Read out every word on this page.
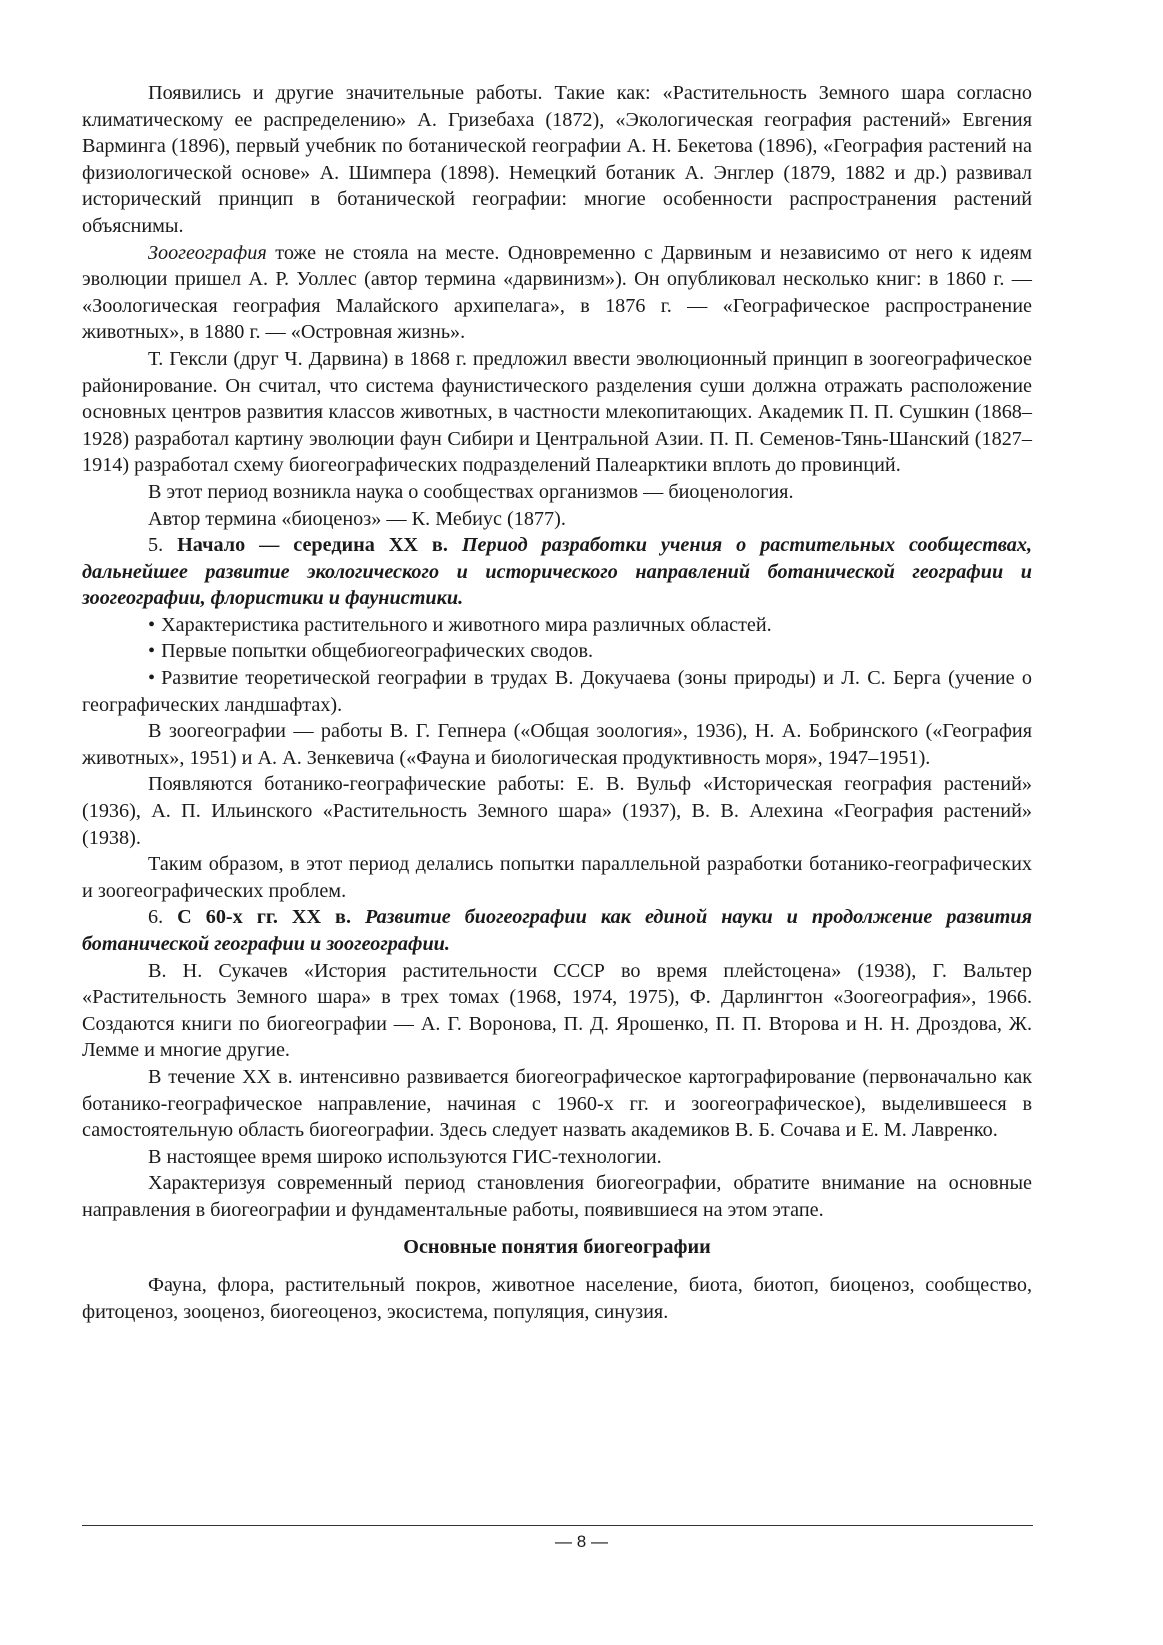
Появились и другие значительные работы. Такие как: «Растительность Земного шара согласно климатическому ее распределению» А. Гризебаха (1872), «Экологическая география растений» Евгения Варминга (1896), первый учебник по ботанической географии А. Н. Бекетова (1896), «География растений на физиологической основе» А. Шимпера (1898). Немецкий ботаник А. Энглер (1879, 1882 и др.) развивал исторический принцип в ботанической географии: многие особенности распространения растений объяснимы.

Зоогеография тоже не стояла на месте. Одновременно с Дарвиным и независимо от него к идеям эволюции пришел А. Р. Уоллес (автор термина «дарвинизм»). Он опубликовал несколько книг: в 1860 г. — «Зоологическая география Малайского архипелага», в 1876 г. — «Географическое распространение животных», в 1880 г. — «Островная жизнь».

Т. Гексли (друг Ч. Дарвина) в 1868 г. предложил ввести эволюционный принцип в зоогеографическое районирование. Он считал, что система фаунистического разделения суши должна отражать расположение основных центров развития классов животных, в частности млекопитающих. Академик П. П. Сушкин (1868–1928) разработал картину эволюции фаун Сибири и Центральной Азии. П. П. Семенов-Тянь-Шанский (1827–1914) разработал схему биогеографических подразделений Палеарктики вплоть до провинций.

В этот период возникла наука о сообществах организмов — биоценология.

Автор термина «биоценоз» — К. Мебиус (1877).

5. Начало — середина XX в. Период разработки учения о растительных сообществах, дальнейшее развитие экологического и исторического направлений ботанической географии и зоогеографии, флористики и фаунистики.

• Характеристика растительного и животного мира различных областей.

• Первые попытки общебиогеографических сводов.

• Развитие теоретической географии в трудах В. Докучаева (зоны природы) и Л. С. Берга (учение о географических ландшафтах).

В зоогеографии — работы В. Г. Гепнера («Общая зоология», 1936), Н. А. Бобринского («География животных», 1951) и А. А. Зенкевича («Фауна и биологическая продуктивность моря», 1947–1951).

Появляются ботанико-географические работы: Е. В. Вульф «Историческая география растений» (1936), А. П. Ильинского «Растительность Земного шара» (1937), В. В. Алехина «География растений» (1938).

Таким образом, в этот период делались попытки параллельной разработки ботанико-географических и зоогеографических проблем.

6. С 60-х гг. XX в. Развитие биогеографии как единой науки и продолжение развития ботанической географии и зоогеографии.

В. Н. Сукачев «История растительности СССР во время плейстоцена» (1938), Г. Вальтер «Растительность Земного шара» в трех томах (1968, 1974, 1975), Ф. Дарлингтон «Зоогеография», 1966. Создаются книги по биогеографии — А. Г. Воронова, П. Д. Ярошенко, П. П. Второва и Н. Н. Дроздова, Ж. Лемме и многие другие.

В течение XX в. интенсивно развивается биогеографическое картографирование (первоначально как ботанико-географическое направление, начиная с 1960-х гг. и зоогеографическое), выделившееся в самостоятельную область биогеографии. Здесь следует назвать академиков В. Б. Сочава и Е. М. Лавренко.

В настоящее время широко используются ГИС-технологии.

Характеризуя современный период становления биогеографии, обратите внимание на основные направления в биогеографии и фундаментальные работы, появившиеся на этом этапе.

Основные понятия биогеографии

Фауна, флора, растительный покров, животное население, биота, биотоп, биоценоз, сообщество, фитоценоз, зооценоз, биогеоценоз, экосистема, популяция, синузия.

— 8 —
